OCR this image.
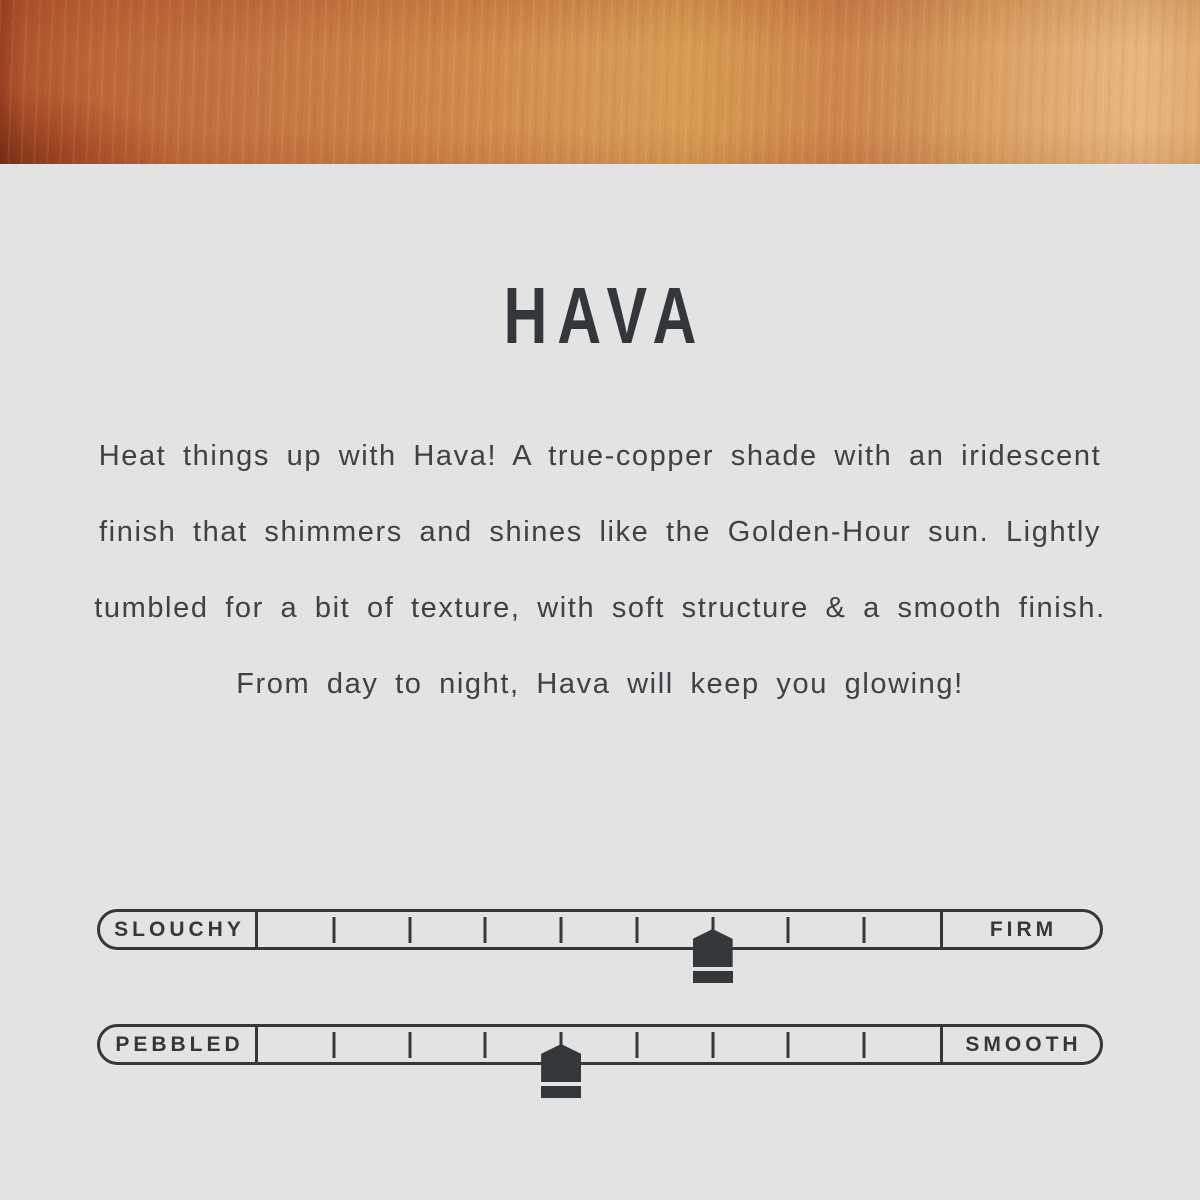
HAVA
Heat things up with Hava! A true-copper shade with an iridescent
finish that shimmers and shines like the Golden-Hour sun. Lightly
tumbled for a bit of texture, with soft structure & a smooth finish.
From day to night, Hava will keep you glowing!
SLOUCHY	FIRM
PEBBLED	SMOOTH
